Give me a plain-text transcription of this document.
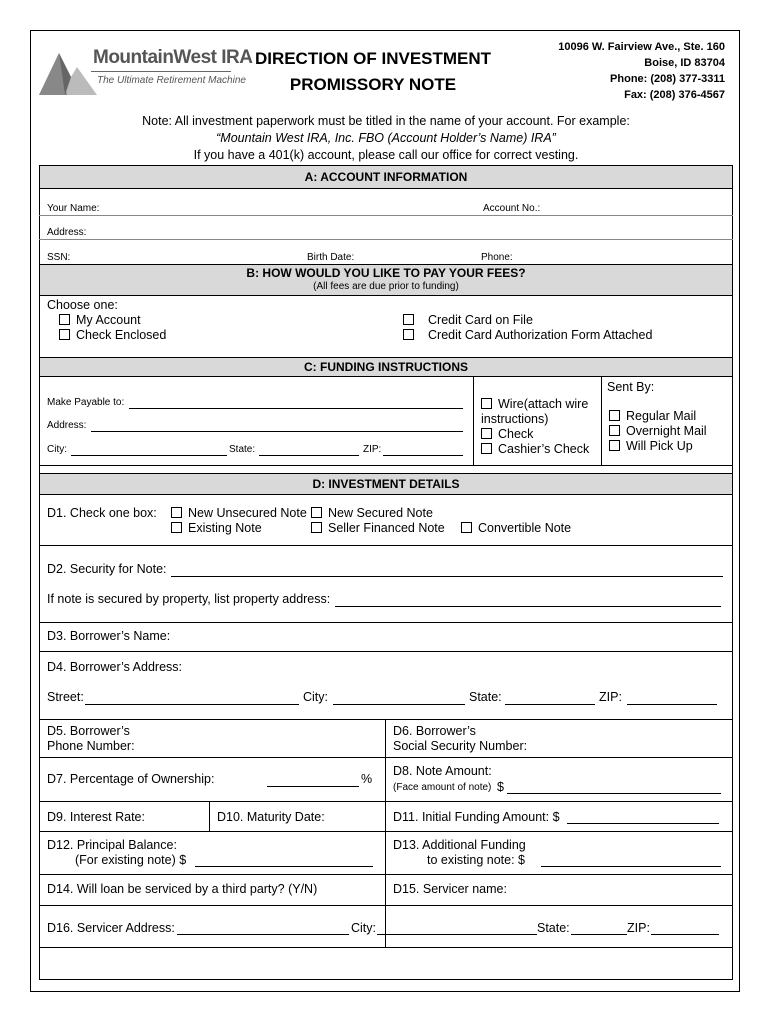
MountainWest IRA
The Ultimate Retirement Machine
DIRECTION OF INVESTMENT
PROMISSORY NOTE
10096 W. Fairview Ave., Ste. 160
Boise, ID 83704
Phone: (208) 377-3311
Fax: (208) 376-4567
Note: All investment paperwork must be titled in the name of your account. For example:
“Mountain West IRA, Inc. FBO (Account Holder’s Name) IRA”
If you have a 401(k) account, please call our office for correct vesting.
A: ACCOUNT INFORMATION
Your Name:	Account No.:
Address:
SSN:	Birth Date:	Phone:
B: HOW WOULD YOU LIKE TO PAY YOUR FEES?
(All fees are due prior to funding)
Choose one:
My Account
Check Enclosed
Credit Card on File
Credit Card Authorization Form Attached
C: FUNDING INSTRUCTIONS
Make Payable to:
Address:
City:	State:	ZIP:
Wire(attach wire
instructions)
Check
Cashier’s Check
Sent By:
Regular Mail
Overnight Mail
Will Pick Up
D: INVESTMENT DETAILS
D1. Check one box:	New Unsecured Note	New Secured Note
Existing Note	Seller Financed Note	Convertible Note
D2. Security for Note:
If note is secured by property, list property address:
D3. Borrower’s Name:
D4. Borrower’s Address:
Street:	City:	State:	ZIP:
D5. Borrower’s
Phone Number:
D6. Borrower’s
Social Security Number:
D7. Percentage of Ownership:	%
D8. Note Amount:
(Face amount of note) $
D9. Interest Rate:	D10. Maturity Date:	D11. Initial Funding Amount: $
D12. Principal Balance:
(For existing note) $
D13. Additional Funding
to existing note: $
D14. Will loan be serviced by a third party? (Y/N)	D15. Servicer name:
D16. Servicer Address:	City:	State:	ZIP:
